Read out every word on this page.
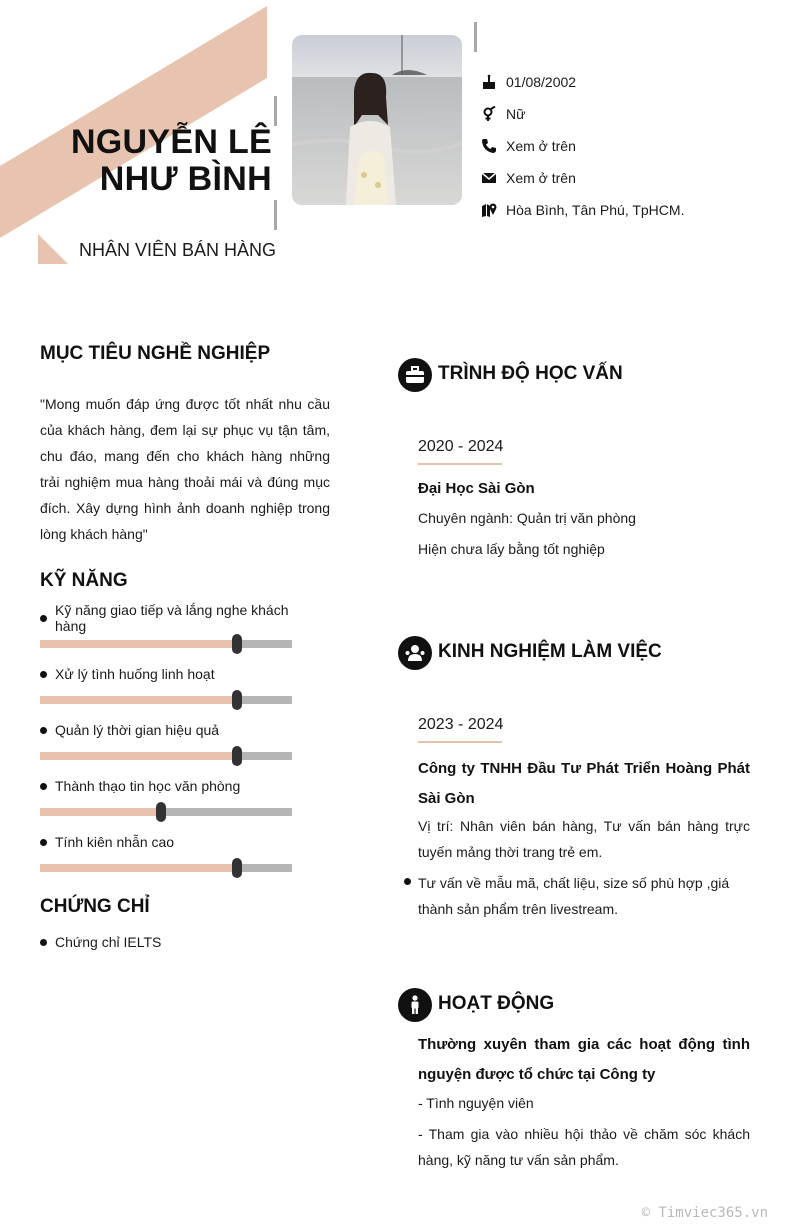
NGUYỄN LÊ
NHƯ BÌNH
NHÂN VIÊN BÁN HÀNG
01/08/2002
Nữ
Xem ở trên
Xem ở trên
Hòa Bình, Tân Phú, TpHCM.
MỤC TIÊU NGHỀ NGHIỆP
"Mong muốn đáp ứng được tốt nhất nhu cầu của khách hàng, đem lại sự phục vụ tận tâm, chu đáo, mang đến cho khách hàng những trải nghiệm mua hàng thoải mái và đúng mục đích. Xây dựng hình ảnh doanh nghiệp trong lòng khách hàng"
KỸ NĂNG
Kỹ năng giao tiếp và lắng nghe khách hàng
Xử lý tình huống linh hoạt
Quản lý thời gian hiệu quả
Thành thạo tin học văn phòng
Tính kiên nhẫn cao
CHỨNG CHỈ
Chứng chỉ IELTS
TRÌNH ĐỘ HỌC VẤN
2020 - 2024
Đại Học Sài Gòn
Chuyên ngành: Quản trị văn phòng
Hiện chưa lấy bằng tốt nghiệp
KINH NGHIỆM LÀM VIỆC
2023 - 2024
Công ty TNHH Đầu Tư Phát Triển Hoàng Phát Sài Gòn
Vị trí: Nhân viên bán hàng, Tư vấn bán hàng trực tuyến mảng thời trang trẻ em.
Tư vấn về mẫu mã, chất liệu, size số phù hợp ,giá thành sản phẩm trên livestream.
HOẠT ĐỘNG
Thường xuyên tham gia các hoạt động tình nguyện được tổ chức tại Công ty
- Tình nguyện viên
- Tham gia vào nhiều hội thảo về chăm sóc khách hàng, kỹ năng tư vấn sản phẩm.
© Timviec365.vn
